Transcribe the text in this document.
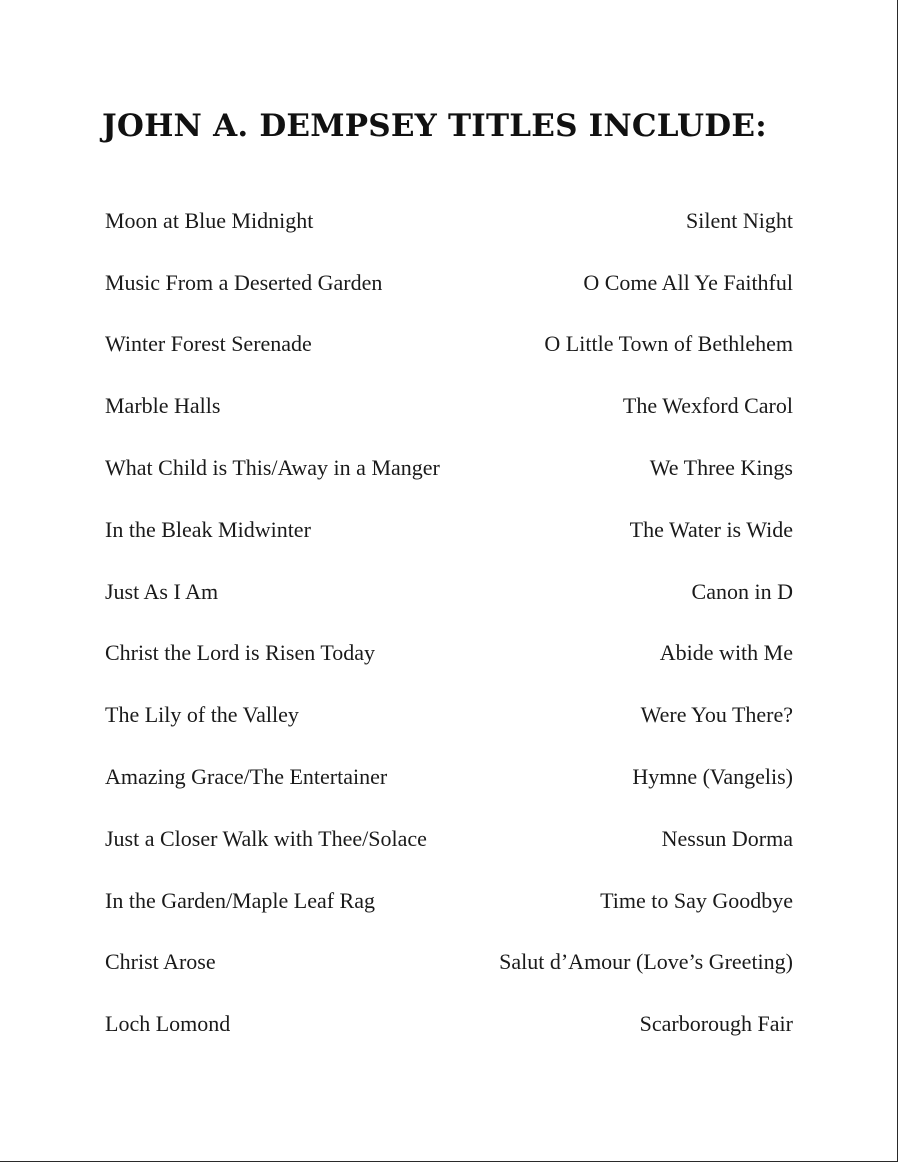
JOHN A. DEMPSEY TITLES INCLUDE:
Moon at Blue Midnight	Silent Night
Music From a Deserted Garden	O Come All Ye Faithful
Winter Forest Serenade	O Little Town of Bethlehem
Marble Halls	The Wexford Carol
What Child is This/Away in a Manger	We Three Kings
In the Bleak Midwinter	The Water is Wide
Just As I Am	Canon in D
Christ the Lord is Risen Today	Abide with Me
The Lily of the Valley	Were You There?
Amazing Grace/The Entertainer	Hymne (Vangelis)
Just a Closer Walk with Thee/Solace	Nessun Dorma
In the Garden/Maple Leaf Rag	Time to Say Goodbye
Christ Arose	Salut d’Amour (Love’s Greeting)
Loch Lomond	Scarborough Fair
